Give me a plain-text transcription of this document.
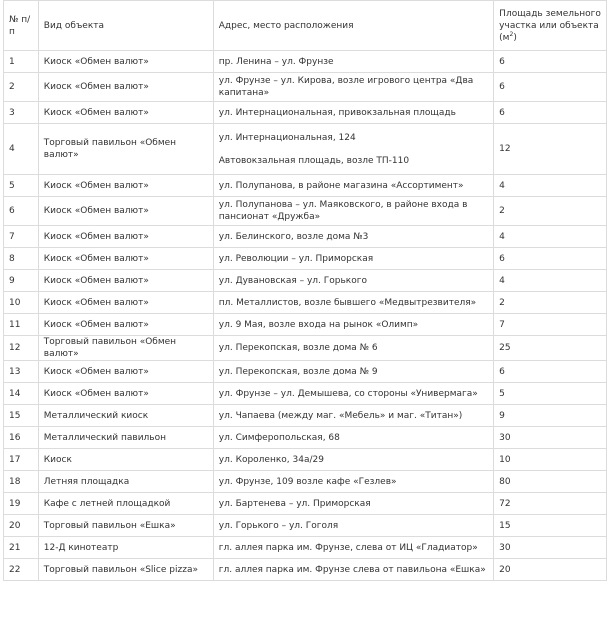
№ п/п	Вид объекта	Адрес, место расположения	Площадь земельного
участка или объекта
$(м^2)$

1	Киоск «Обмен валют»	пр. Ленина – ул. Фрунзе	6
2	Киоск «Обмен валют»	ул. Фрунзе – ул. Кирова, возле игрового центра «Два
капитана»	6
3	Киоск «Обмен валют»	ул. Интернациональная, привокзальная площадь	6
4	Торговый павильон «Обмен валют»	ул. Интернациональная, 124
Автовокзальная площадь, возле ТП-110	12
5	Киоск «Обмен валют»	ул. Полупанова, в районе магазина «Ассортимент»	4
6	Киоск «Обмен валют»	ул. Полупанова – ул. Маяковского, в районе входа в
пансионат «Дружба»	2
7	Киоск «Обмен валют»	ул. Белинского, возле дома №3	4
8	Киоск «Обмен валют»	ул. Революции – ул. Приморская	6
9	Киоск «Обмен валют»	ул. Дувановская – ул. Горького	4
10	Киоск «Обмен валют»	пл. Металлистов, возле бывшего «Медвытрезвителя»	2
11	Киоск «Обмен валют»	ул. 9 Мая, возле входа на рынок «Олимп»	7
12	Торговый павильон «Обмен валют»	ул. Перекопская, возле дома № 6	25
13	Киоск «Обмен валют»	ул. Перекопская, возле дома № 9	6
14	Киоск «Обмен валют»	ул. Фрунзе – ул. Демышева, со стороны «Универмага»	5
15	Металлический киоск	ул. Чапаева (между маг. «Мебель» и маг. «Титан»)	9
16	Металлический павильон	ул. Симферопольская, 68	30
17	Киоск	ул. Короленко, 34а/29	10
18	Летняя площадка	ул. Фрунзе, 109 возле кафе «Гезлев»	80
19	Кафе с летней площадкой	ул. Бартенева – ул. Приморская	72
20	Торговый павильон «Ешка»	ул. Горького – ул. Гоголя	15
21	12-Д кинотеатр	гл. аллея парка им. Фрунзе, слева от ИЦ «Гладиатор»	30
22	Торговый павильон «Slice pizza»	гл. аллея парка им. Фрунзе слева от павильона «Ешка»	20
